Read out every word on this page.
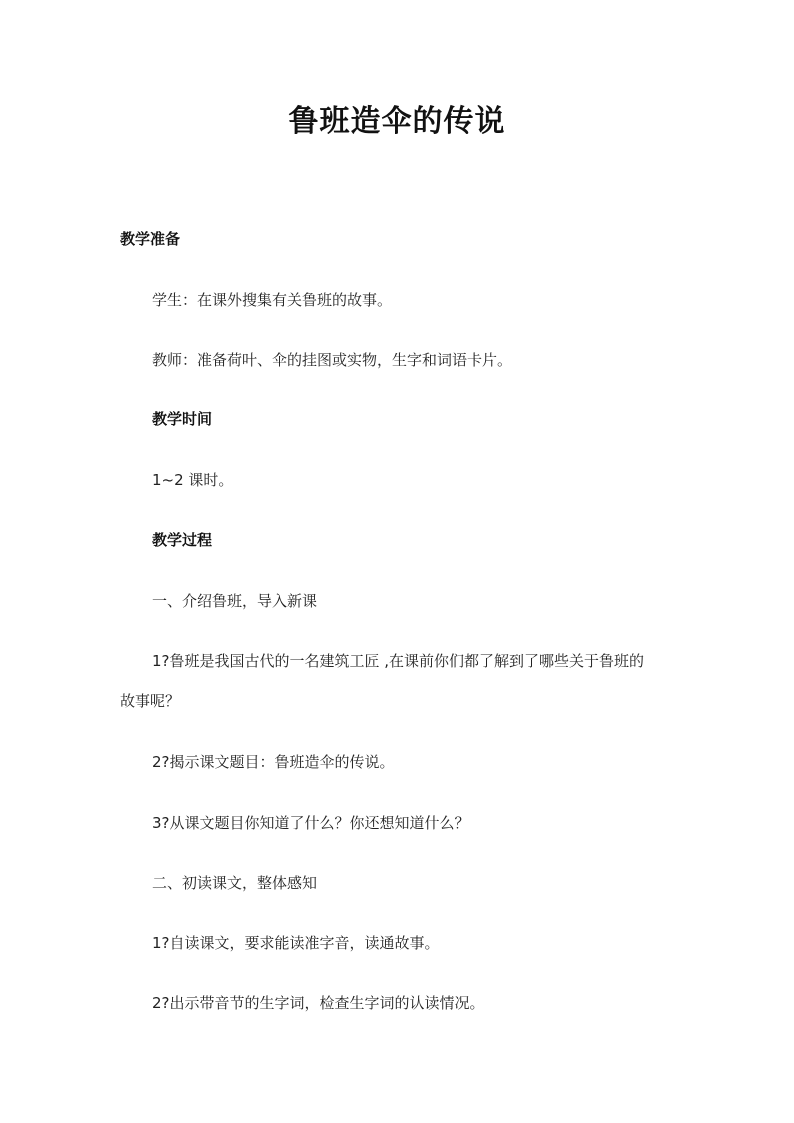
鲁班造伞的传说
教学准备
学生：在课外搜集有关鲁班的故事。
教师：准备荷叶、伞的挂图或实物，生字和词语卡片。
教学时间
1~2 课时。
教学过程
一、介绍鲁班，导入新课
1?鲁班是我国古代的一名建筑工匠 ,在课前你们都了解到了哪些关于鲁班的
故事呢？
2?揭示课文题目：鲁班造伞的传说。
3?从课文题目你知道了什么？你还想知道什么？
二、初读课文，整体感知
1?自读课文，要求能读准字音，读通故事。
2?出示带音节的生字词，检查生字词的认读情况。
